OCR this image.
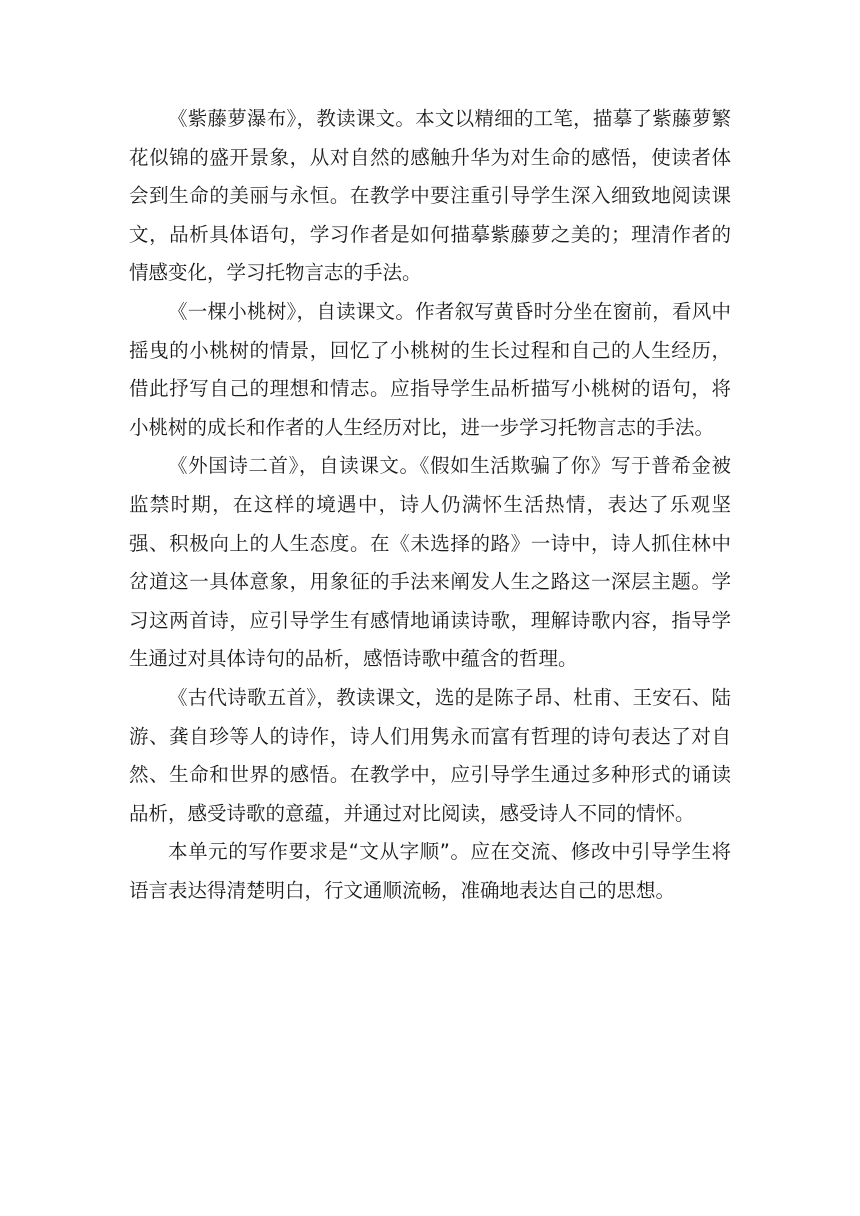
《紫藤萝瀑布》，教读课文。本文以精细的工笔，描摹了紫藤萝繁花似锦的盛开景象，从对自然的感触升华为对生命的感悟，使读者体会到生命的美丽与永恒。在教学中要注重引导学生深入细致地阅读课文，品析具体语句，学习作者是如何描摹紫藤萝之美的；理清作者的情感变化，学习托物言志的手法。

《一棵小桃树》，自读课文。作者叙写黄昏时分坐在窗前，看风中摇曳的小桃树的情景，回忆了小桃树的生长过程和自己的人生经历，借此抒写自己的理想和情志。应指导学生品析描写小桃树的语句，将小桃树的成长和作者的人生经历对比，进一步学习托物言志的手法。

《外国诗二首》，自读课文。《假如生活欺骗了你》写于普希金被监禁时期，在这样的境遇中，诗人仍满怀生活热情，表达了乐观坚强、积极向上的人生态度。在《未选择的路》一诗中，诗人抓住林中岔道这一具体意象，用象征的手法来阐发人生之路这一深层主题。学习这两首诗，应引导学生有感情地诵读诗歌，理解诗歌内容，指导学生通过对具体诗句的品析，感悟诗歌中蕴含的哲理。

《古代诗歌五首》，教读课文，选的是陈子昂、杜甫、王安石、陆游、龚自珍等人的诗作，诗人们用隽永而富有哲理的诗句表达了对自然、生命和世界的感悟。在教学中，应引导学生通过多种形式的诵读品析，感受诗歌的意蕴，并通过对比阅读，感受诗人不同的情怀。

本单元的写作要求是“文从字顺”。应在交流、修改中引导学生将语言表达得清楚明白，行文通顺流畅，准确地表达自己的思想。
